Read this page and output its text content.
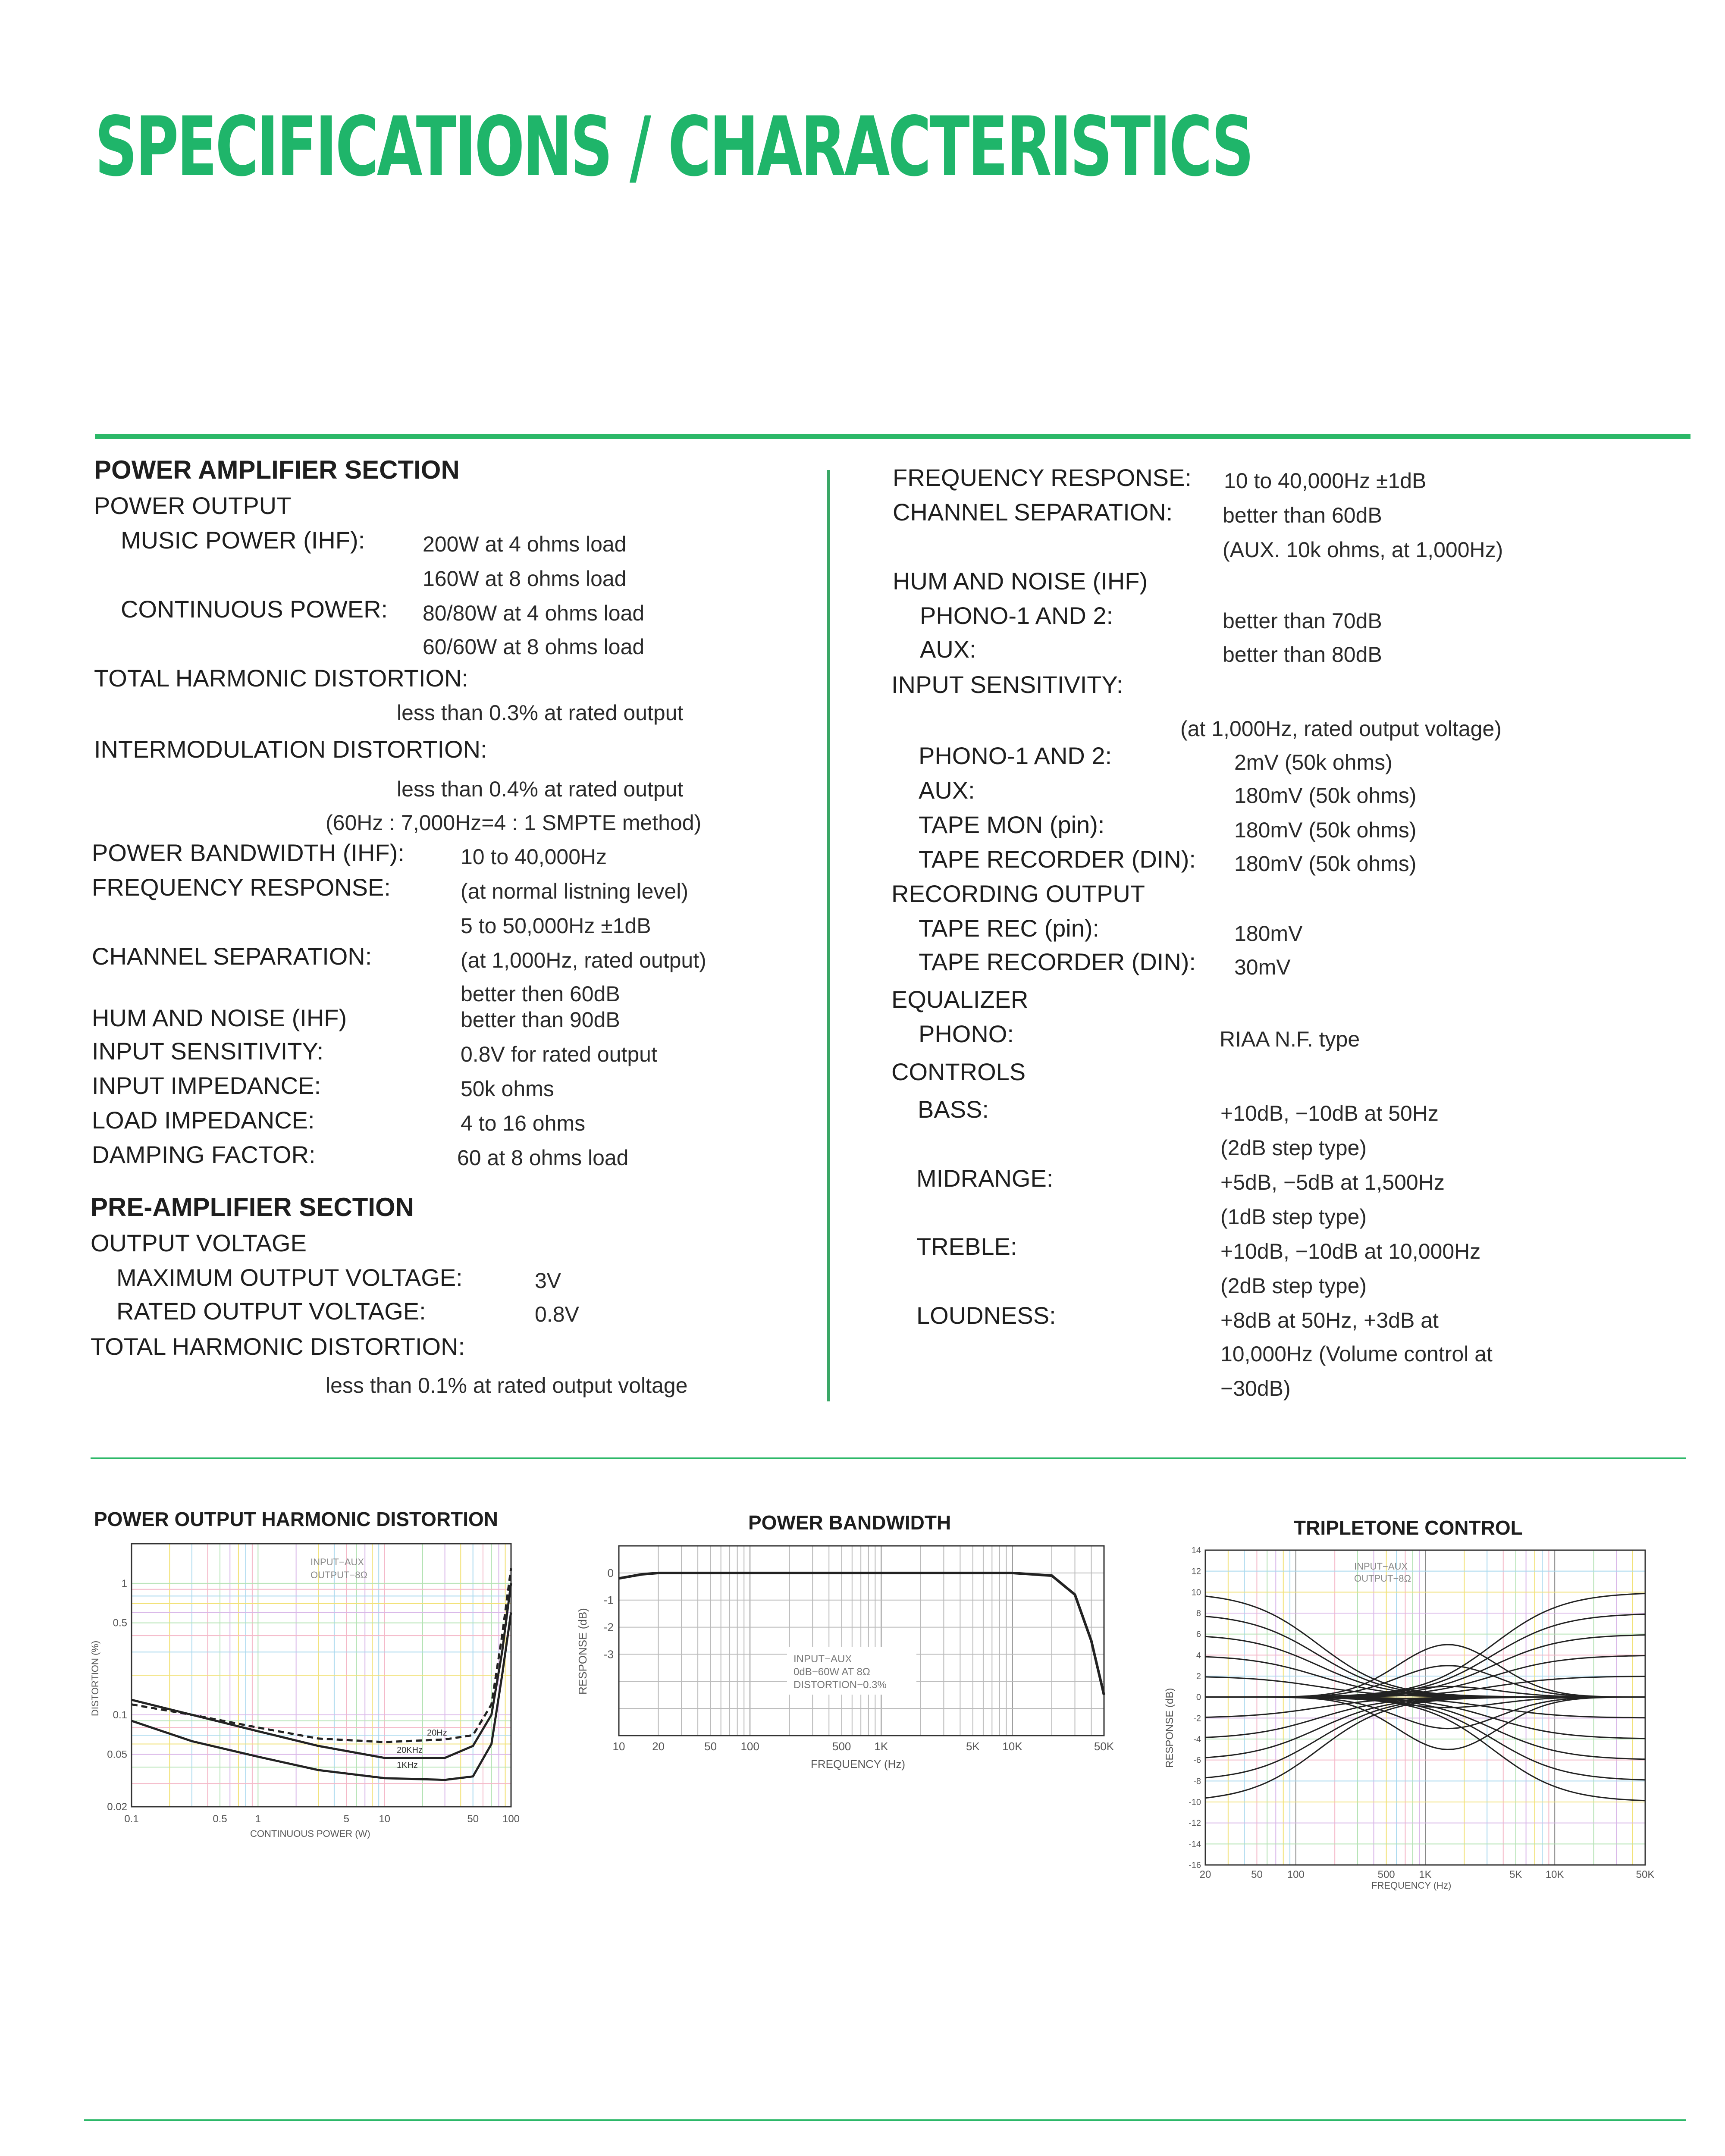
SPECIFICATIONS / CHARACTERISTICS
POWER AMPLIFIER SECTION
POWER OUTPUT
MUSIC POWER (IHF):	200W at 4 ohms load
160W at 8 ohms load
CONTINUOUS POWER: 80/80W at 4 ohms load
60/60W at 8 ohms load
TOTAL HARMONIC DISTORTION:
less than 0.3% at rated output
INTERMODULATION DISTORTION:
less than 0.4% at rated output
(60Hz : 7,000Hz=4 : 1 SMPTE method)
POWER BANDWIDTH (IHF):	10 to 40,000Hz
FREQUENCY RESPONSE:	(at normal listning level)
5 to 50,000Hz ±1dB
CHANNEL SEPARATION:	(at 1,000Hz, rated output)
better then 60dB
HUM AND NOISE (IHF)	better than 90dB
INPUT SENSITIVITY:	0.8V for rated output
INPUT IMPEDANCE:	50k ohms
LOAD IMPEDANCE:	4 to 16 ohms
DAMPING FACTOR:	60 at 8 ohms load
PRE-AMPLIFIER SECTION
OUTPUT VOLTAGE
MAXIMUM OUTPUT VOLTAGE:	3V
RATED OUTPUT VOLTAGE:	0.8V
TOTAL HARMONIC DISTORTION:
less than 0.1% at rated output voltage
FREQUENCY RESPONSE: 10 to 40,000Hz ±1dB
CHANNEL SEPARATION: better than 60dB
(AUX. 10k ohms, at 1,000Hz)
HUM AND NOISE (IHF)
PHONO-1 AND 2:	better than 70dB
AUX:	better than 80dB
INPUT SENSITIVITY:
(at 1,000Hz, rated output voltage)
PHONO-1 AND 2:	2mV (50k ohms)
AUX:	180mV (50k ohms)
TAPE MON (pin):	180mV (50k ohms)
TAPE RECORDER (DIN): 180mV (50k ohms)
RECORDING OUTPUT
TAPE REC (pin):	180mV
TAPE RECORDER (DIN): 30mV
EQUALIZER
PHONO:	RIAA N.F. type
CONTROLS
BASS:	+10dB, −10dB at 50Hz
(2dB step type)
MIDRANGE:	+5dB, −5dB at 1,500Hz
(1dB step type)
TREBLE:	+10dB, −10dB at 10,000Hz
(2dB step type)
LOUDNESS:	+8dB at 50Hz, +3dB at
10,000Hz (Volume control at
−30dB)
POWER OUTPUT HARMONIC DISTORTION	POWER BANDWIDTH	TRIPLETONE CONTROL
0.1	0.5	1	5	10	50 100
1
0.5
0.1
0.05
0.02
INPUT−AUX
OUTPUT−8Ω
20Hz
20KHz
1KHz
CONTINUOUS POWER (W)
DISTORTION (%)
10 20	50 100	500 1K	5K 10K	50K
0
-1
-2
-3	INPUT−AUX
0dB−60W AT 8Ω
DISTORTION−0.3%
FREQUENCY (Hz)
RESPONSE (dB)
20	50 100	500 1K	5K 10K	50K
14
12
10
8
6
4
2
0
-2
-4
-6
-8
-10
-12
-14
-16
INPUT−AUX
OUTPUT−8Ω
FREQUENCY (Hz)
RESPONSE (dB)
